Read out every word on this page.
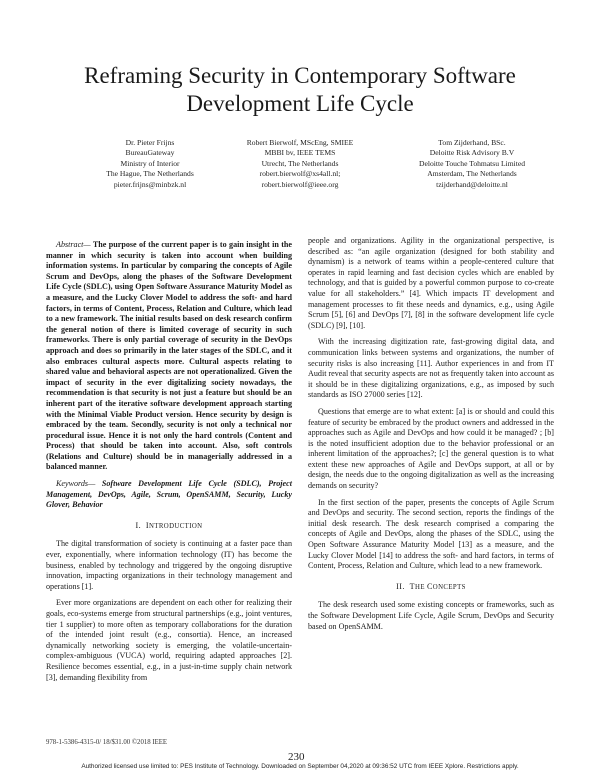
Reframing Security in Contemporary Software Development Life Cycle
Dr. Pieter Frijns
BureauGateway
Ministry of Interior
The Hague, The Netherlands
pieter.frijns@minbzk.nl
Robert Bierwolf, MScEng, SMIEE
MBBI bv, IEEE TEMS
Utrecht, The Netherlands
robert.bierwolf@xs4all.nl;
robert.bierwolf@ieee.org
Tom Zijderhand, BSc.
Deloitte Risk Advisory B.V
Deloitte Touche Tohmatsu Limited
Amsterdam, The Netherlands
tzijderhand@deloitte.nl

Abstract— The purpose of the current paper is to gain insight in the manner in which security is taken into account when building information systems. In particular by comparing the concepts of Agile Scrum and DevOps, along the phases of the Software Development Life Cycle (SDLC), using Open Software Assurance Maturity Model as a measure, and the Lucky Clover Model to address the soft- and hard factors, in terms of Content, Process, Relation and Culture, which lead to a new framework. The initial results based on desk research confirm the general notion of there is limited coverage of security in such frameworks. There is only partial coverage of security in the DevOps approach and does so primarily in the later stages of the SDLC, and it also embraces cultural aspects more. Cultural aspects relating to shared value and behavioral aspects are not operationalized. Given the impact of security in the ever digitalizing society nowadays, the recommendation is that security is not just a feature but should be an inherent part of the iterative software development approach starting with the Minimal Viable Product version. Hence security by design is embraced by the team. Secondly, security is not only a technical nor procedural issue. Hence it is not only the hard controls (Content and Process) that should be taken into account. Also, soft controls (Relations and Culture) should be in managerially addressed in a balanced manner.

Keywords— Software Development Life Cycle (SDLC), Project Management, DevOps, Agile, Scrum, OpenSAMM, Security, Lucky Glover, Behavior

I. INTRODUCTION

The digital transformation of society is continuing at a faster pace than ever, exponentially, where information technology (IT) has become the business, enabled by technology and triggered by the ongoing disruptive innovation, impacting organizations in their technology management and operations [1].

Ever more organizations are dependent on each other for realizing their goals, eco-systems emerge from structural partnerships (e.g., joint ventures, tier 1 supplier) to more often as temporary collaborations for the duration of the intended joint result (e.g., consortia). Hence, an increased dynamically networking society is emerging, the volatile-uncertain-complex-ambiguous (VUCA) world, requiring adapted approaches [2]. Resilience becomes essential, e.g., in a just-in-time supply chain network [3], demanding flexibility from

people and organizations. Agility in the organizational perspective, is described as: “an agile organization (designed for both stability and dynamism) is a network of teams within a people-centered culture that operates in rapid learning and fast decision cycles which are enabled by technology, and that is guided by a powerful common purpose to co-create value for all stakeholders.” [4]. Which impacts IT development and management processes to fit these needs and dynamics, e.g., using Agile Scrum [5], [6] and DevOps [7], [8] in the software development life cycle (SDLC) [9], [10].

With the increasing digitization rate, fast-growing digital data, and communication links between systems and organizations, the number of security risks is also increasing [11]. Author experiences in and from IT Audit reveal that security aspects are not as frequently taken into account as it should be in these digitalizing organizations, e.g., as imposed by such standards as ISO 27000 series [12].

Questions that emerge are to what extent: [a] is or should and could this feature of security be embraced by the product owners and addressed in the approaches such as Agile and DevOps and how could it be managed? ; [b] is the noted insufficient adoption due to the behavior professional or an inherent limitation of the approaches?; [c] the general question is to what extent these new approaches of Agile and DevOps support, at all or by design, the needs due to the ongoing digitalization as well as the increasing demands on security?

In the first section of the paper, presents the concepts of Agile Scrum and DevOps and security. The second section, reports the findings of the initial desk research. The desk research comprised a comparing the concepts of Agile and DevOps, along the phases of the SDLC, using the Open Software Assurance Maturity Model [13] as a measure, and the Lucky Clover Model [14] to address the soft- and hard factors, in terms of Content, Process, Relation and Culture, which lead to a new framework.

II. THE CONCEPTS

The desk research used some existing concepts or frameworks, such as the Software Development Life Cycle, Agile Scrum, DevOps and Security based on OpenSAMM.

978-1-5386-4315-0/ 18/$31.00 ©2018 IEEE
230
Authorized licensed use limited to: PES Institute of Technology. Downloaded on September 04,2020 at 09:36:52 UTC from IEEE Xplore. Restrictions apply.
